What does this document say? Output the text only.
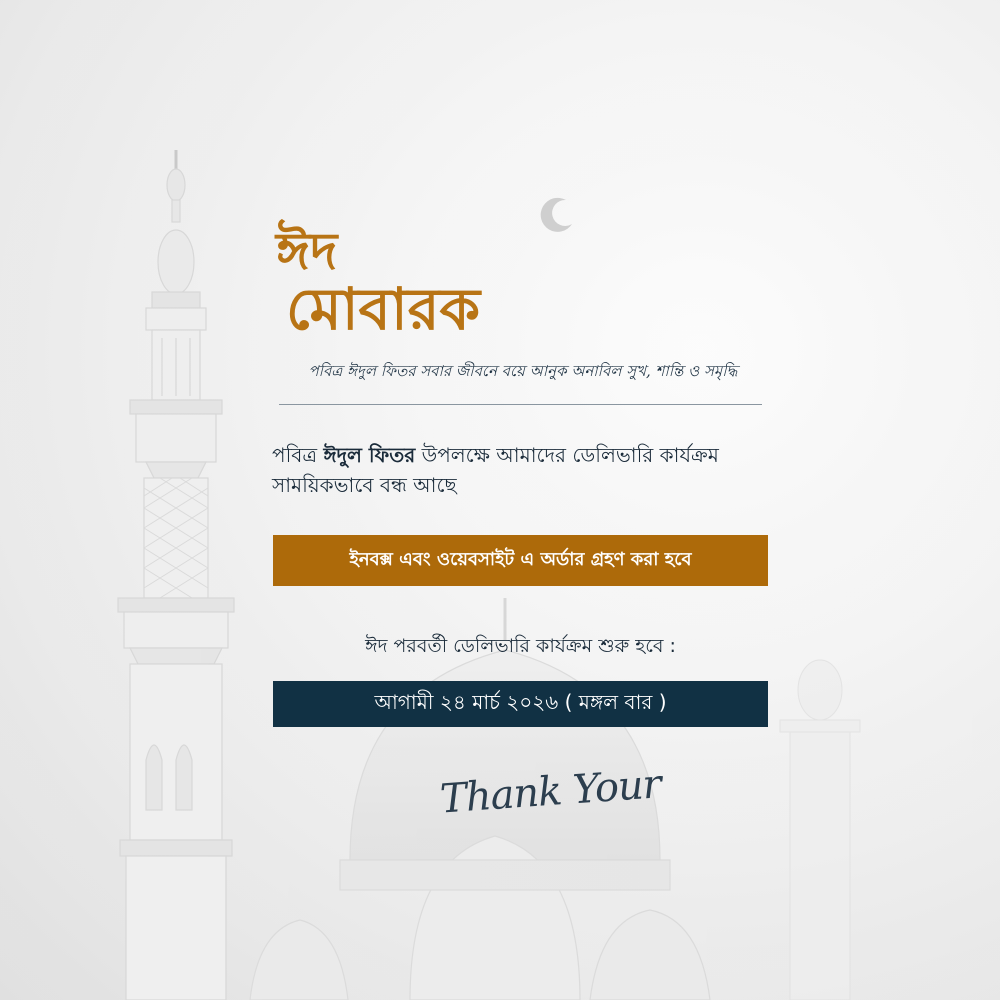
ঈদ
মোবারক
পবিত্র ঈদুল ফিতর সবার জীবনে বয়ে আনুক অনাবিল সুখ, শান্তি ও সমৃদ্ধি
পবিত্র ঈদুল ফিতর উপলক্ষে আমাদের ডেলিভারি কার্যক্রম
সাময়িকভাবে বন্ধ আছে
ইনবক্স এবং ওয়েবসাইট এ অর্ডার গ্রহণ করা হবে
ঈদ পরবর্তী ডেলিভারি কার্যক্রম শুরু হবে :
আগামী ২৪ মার্চ ২০২৬ ( মঙ্গল বার )
Thank Your
